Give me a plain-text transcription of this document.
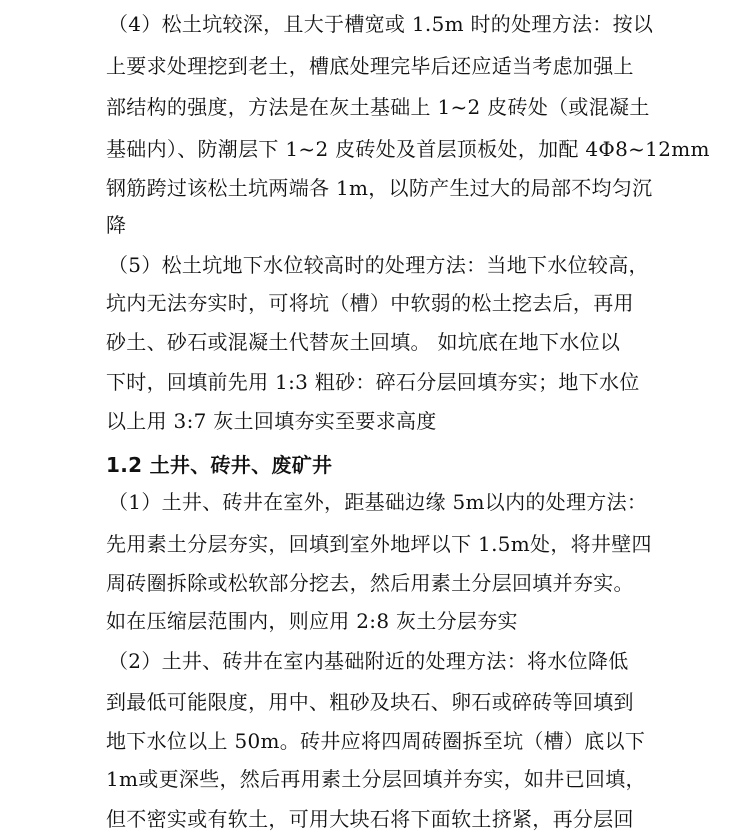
（4）松土坑较深，且大于槽宽或 1.5m 时的处理方法：按以
上要求处理挖到老土，槽底处理完毕后还应适当考虑加强上
部结构的强度，方法是在灰土基础上 1~2 皮砖处（或混凝土
基础内）、防潮层下 1~2 皮砖处及首层顶板处，加配 4Φ8~12mm
钢筋跨过该松土坑两端各 1m，以防产生过大的局部不均匀沉
降
（5）松土坑地下水位较高时的处理方法：当地下水位较高，
坑内无法夯实时，可将坑（槽）中软弱的松土挖去后，再用
砂土、砂石或混凝土代替灰土回填。 如坑底在地下水位以
下时，回填前先用 1:3 粗砂：碎石分层回填夯实；地下水位
以上用 3:7 灰土回填夯实至要求高度
1.2 土井、砖井、废矿井
（1）土井、砖井在室外，距基础边缘 5m以内的处理方法：
先用素土分层夯实，回填到室外地坪以下 1.5m处，将井壁四
周砖圈拆除或松软部分挖去，然后用素土分层回填并夯实。
如在压缩层范围内，则应用 2:8 灰土分层夯实
（2）土井、砖井在室内基础附近的处理方法：将水位降低
到最低可能限度，用中、粗砂及块石、卵石或碎砖等回填到
地下水位以上 50m。砖井应将四周砖圈拆至坑（槽）底以下
1m或更深些，然后再用素土分层回填并夯实，如井已回填，
但不密实或有软土，可用大块石将下面软土挤紧，再分层回
